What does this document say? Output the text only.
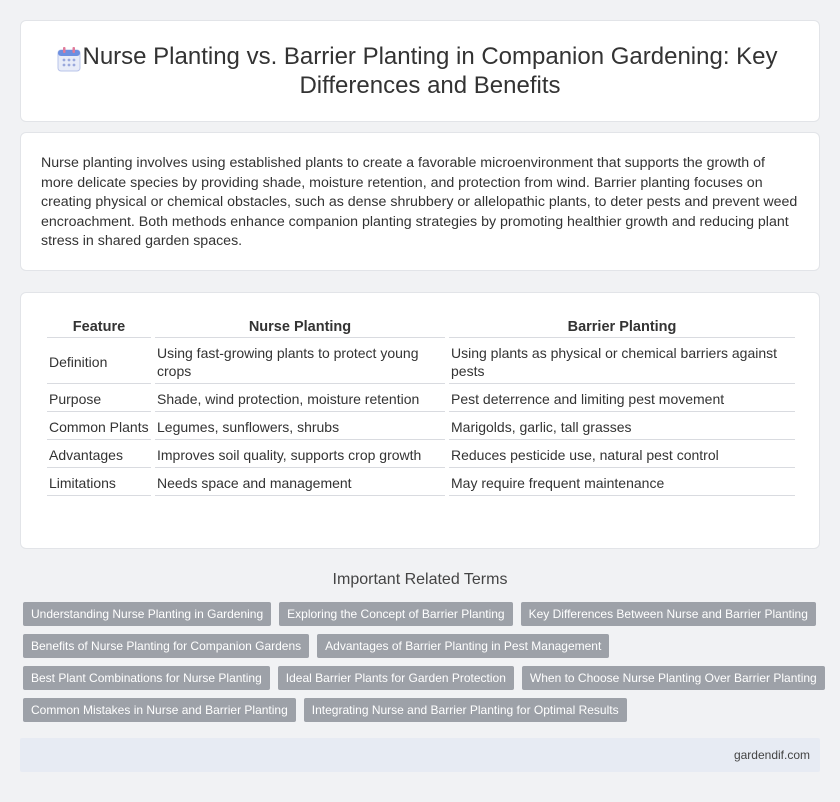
Nurse Planting vs. Barrier Planting in Companion Gardening: Key Differences and Benefits

Nurse planting involves using established plants to create a favorable microenvironment that supports the growth of more delicate species by providing shade, moisture retention, and protection from wind. Barrier planting focuses on creating physical or chemical obstacles, such as dense shrubbery or allelopathic plants, to deter pests and prevent weed encroachment. Both methods enhance companion planting strategies by promoting healthier growth and reducing plant stress in shared garden spaces.

Feature	Nurse Planting	Barrier Planting
Definition	Using fast-growing plants to protect young crops	Using plants as physical or chemical barriers against pests
Purpose	Shade, wind protection, moisture retention	Pest deterrence and limiting pest movement
Common Plants	Legumes, sunflowers, shrubs	Marigolds, garlic, tall grasses
Advantages	Improves soil quality, supports crop growth	Reduces pesticide use, natural pest control
Limitations	Needs space and management	May require frequent maintenance
Important Related Terms
Understanding Nurse Planting in Gardening	Exploring the Concept of Barrier Planting	Key Differences Between Nurse and Barrier Planting
Benefits of Nurse Planting for Companion Gardens	Advantages of Barrier Planting in Pest Management
Best Plant Combinations for Nurse Planting	Ideal Barrier Plants for Garden Protection	When to Choose Nurse Planting Over Barrier Planting
Common Mistakes in Nurse and Barrier Planting	Integrating Nurse and Barrier Planting for Optimal Results
gardendif.com
